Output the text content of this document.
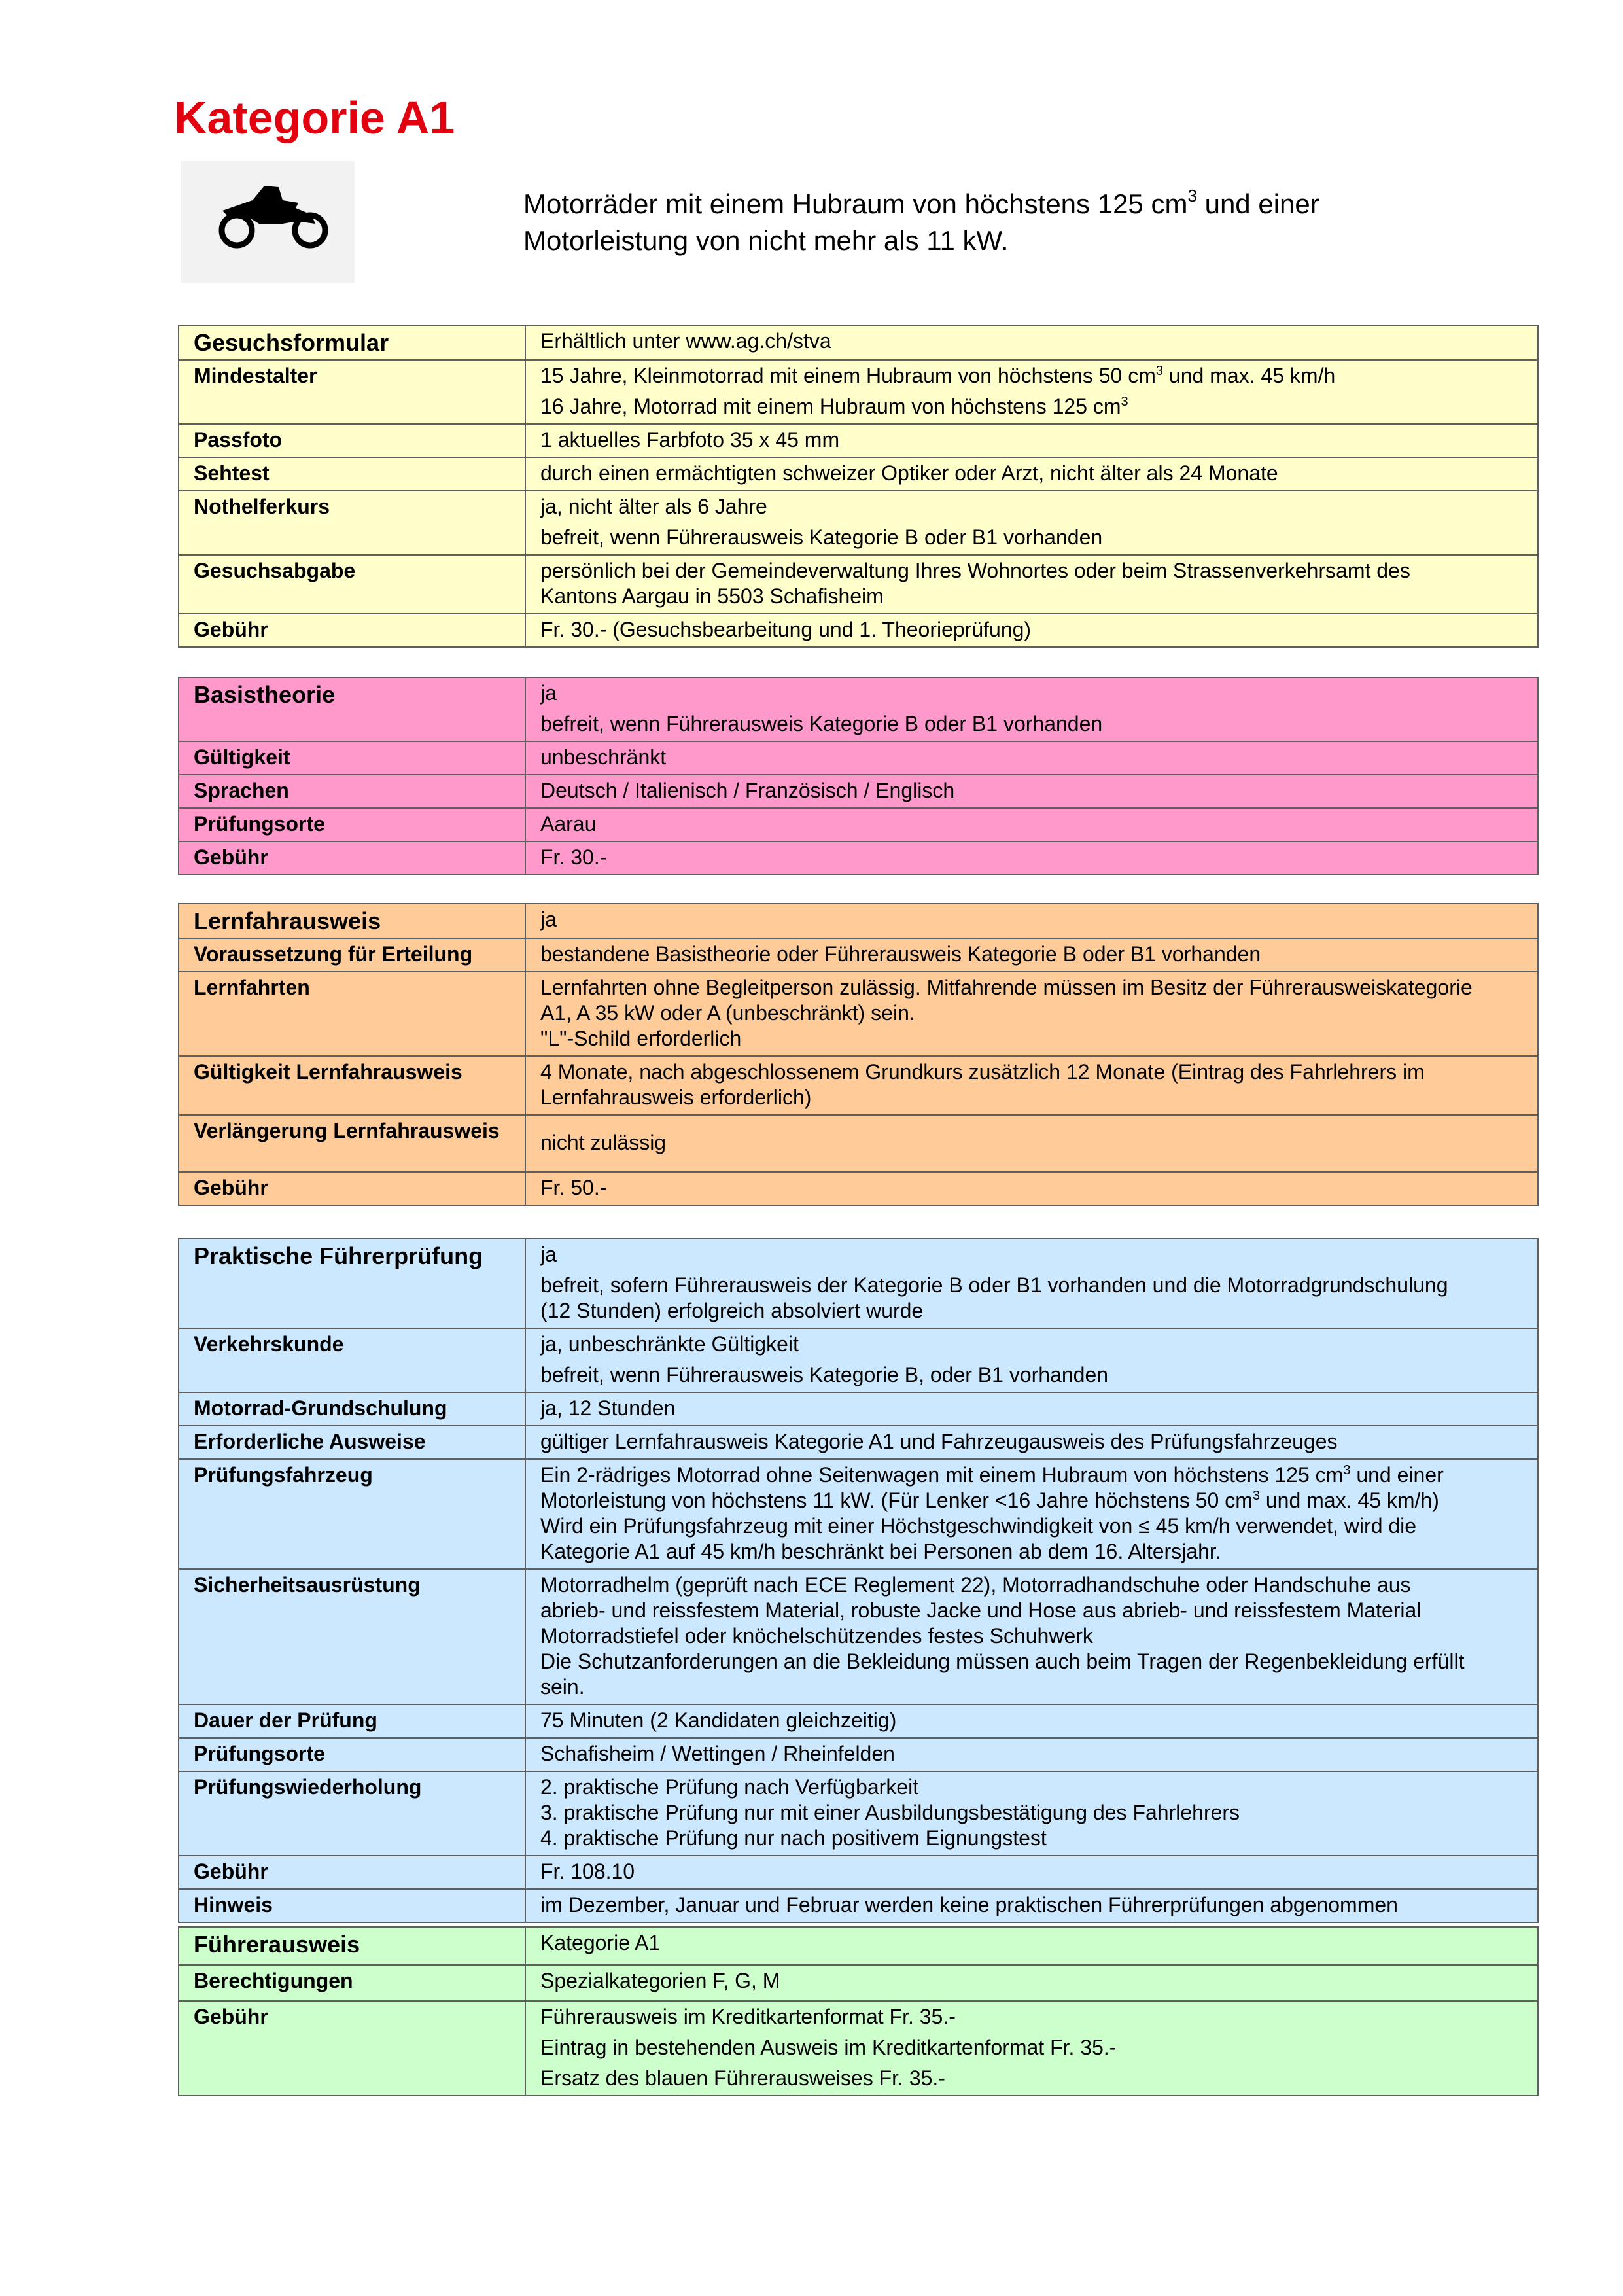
Kategorie A1
Motorräder mit einem Hubraum von höchstens 125 $cm^3$ und einer
Motorleistung von nicht mehr als 11 kW.
Gesuchsformular	Erhältlich unter www.ag.ch/stva
Mindestalter	15 Jahre, Kleinmotorrad mit einem Hubraum von höchstens 50 $cm^3$ und max. 45 km/h
16 Jahre, Motorrad mit einem Hubraum von höchstens 125 $cm^3$

Passfoto	1 aktuelles Farbfoto 35 x 45 mm
Sehtest	durch einen ermächtigten schweizer Optiker oder Arzt, nicht älter als 24 Monate
Nothelferkurs	ja, nicht älter als 6 Jahre
befreit, wenn Führerausweis Kategorie B oder B1 vorhanden

Gesuchsabgabe	persönlich bei der Gemeindeverwaltung Ihres Wohnortes oder beim Strassenverkehrsamt des
Kantons Aargau in 5503 Schafisheim

Gebühr	Fr. 30.- (Gesuchsbearbeitung und 1. Theorieprüfung)
Basistheorie	ja
befreit, wenn Führerausweis Kategorie B oder B1 vorhanden

Gültigkeit	unbeschränkt
Sprachen	Deutsch / Italienisch / Französisch / Englisch
Prüfungsorte	Aarau
Gebühr	Fr. 30.-
Lernfahrausweis	ja
Voraussetzung für Erteilung	bestandene Basistheorie oder Führerausweis Kategorie B oder B1 vorhanden
Lernfahrten	Lernfahrten ohne Begleitperson zulässig. Mitfahrende müssen im Besitz der Führerausweiskategorie
A1, A 35 kW oder A (unbeschränkt) sein.
"L"-Schild erforderlich

Gültigkeit Lernfahrausweis	4 Monate, nach abgeschlossenem Grundkurs zusätzlich 12 Monate (Eintrag des Fahrlehrers im
Lernfahrausweis erforderlich)

Verlängerung Lernfahrausweis	nicht zulässig
Gebühr	Fr. 50.-
Praktische Führerprüfung	ja
befreit, sofern Führerausweis der Kategorie B oder B1 vorhanden und die Motorradgrundschulung
(12 Stunden) erfolgreich absolviert wurde

Verkehrskunde	ja, unbeschränkte Gültigkeit
befreit, wenn Führerausweis Kategorie B, oder B1 vorhanden

Motorrad-Grundschulung	ja, 12 Stunden
Erforderliche Ausweise	gültiger Lernfahrausweis Kategorie A1 und Fahrzeugausweis des Prüfungsfahrzeuges
Prüfungsfahrzeug	Ein 2-rädriges Motorrad ohne Seitenwagen mit einem Hubraum von höchstens 125 $cm^3$ und einer
Motorleistung von höchstens 11 kW. (Für Lenker <16 Jahre höchstens 50 $cm^3$ und max. 45 km/h)
Wird ein Prüfungsfahrzeug mit einer Höchstgeschwindigkeit von ≤ 45 km/h verwendet, wird die
Kategorie A1 auf 45 km/h beschränkt bei Personen ab dem 16. Altersjahr.

Sicherheitsausrüstung	Motorradhelm (geprüft nach ECE Reglement 22), Motorradhandschuhe oder Handschuhe aus
abrieb- und reissfestem Material, robuste Jacke und Hose aus abrieb- und reissfestem Material
Motorradstiefel oder knöchelschützendes festes Schuhwerk
Die Schutzanforderungen an die Bekleidung müssen auch beim Tragen der Regenbekleidung erfüllt
sein.

Dauer der Prüfung	75 Minuten (2 Kandidaten gleichzeitig)
Prüfungsorte	Schafisheim / Wettingen / Rheinfelden
Prüfungswiederholung	2. praktische Prüfung nach Verfügbarkeit
3. praktische Prüfung nur mit einer Ausbildungsbestätigung des Fahrlehrers
4. praktische Prüfung nur nach positivem Eignungstest

Gebühr	Fr. 108.10
Hinweis	im Dezember, Januar und Februar werden keine praktischen Führerprüfungen abgenommen
Führerausweis	Kategorie A1
Berechtigungen	Spezialkategorien F, G, M
Gebühr	Führerausweis im Kreditkartenformat Fr. 35.-
Eintrag in bestehenden Ausweis im Kreditkartenformat Fr. 35.-
Ersatz des blauen Führerausweises Fr. 35.-
